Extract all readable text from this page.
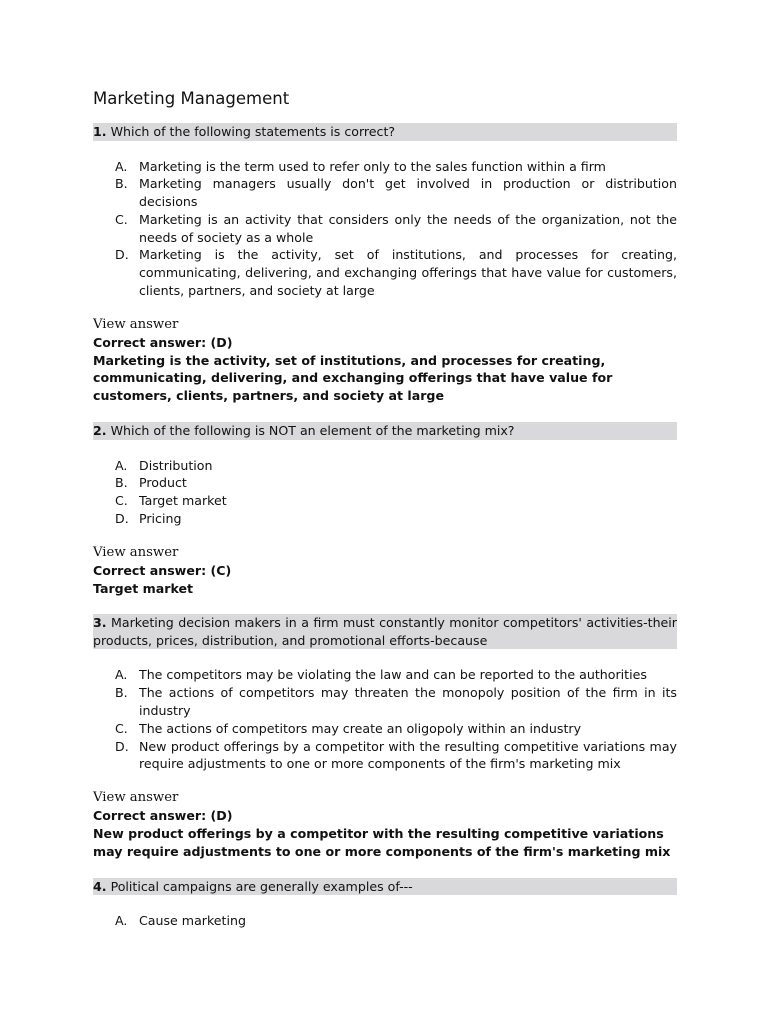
Marketing Management
1. Which of the following statements is correct?
A. Marketing is the term used to refer only to the sales function within a firm
B. Marketing managers usually don't get involved in production or distribution decisions
C. Marketing is an activity that considers only the needs of the organization, not the needs of society as a whole
D. Marketing is the activity, set of institutions, and processes for creating, communicating, delivering, and exchanging offerings that have value for customers, clients, partners, and society at large
View answer
Correct answer: (D)
Marketing is the activity, set of institutions, and processes for creating, communicating, delivering, and exchanging offerings that have value for customers, clients, partners, and society at large
2. Which of the following is NOT an element of the marketing mix?
A. Distribution
B. Product
C. Target market
D. Pricing
View answer
Correct answer: (C)
Target market
3. Marketing decision makers in a firm must constantly monitor competitors' activities-their products, prices, distribution, and promotional efforts-because
A. The competitors may be violating the law and can be reported to the authorities
B. The actions of competitors may threaten the monopoly position of the firm in its industry
C. The actions of competitors may create an oligopoly within an industry
D. New product offerings by a competitor with the resulting competitive variations may require adjustments to one or more components of the firm's marketing mix
View answer
Correct answer: (D)
New product offerings by a competitor with the resulting competitive variations may require adjustments to one or more components of the firm's marketing mix
4. Political campaigns are generally examples of---
A. Cause marketing
